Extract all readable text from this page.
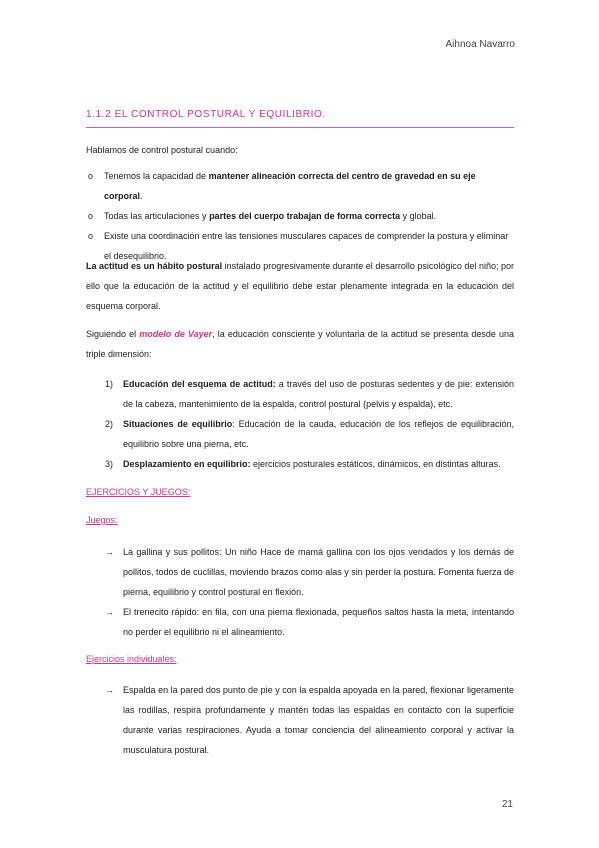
Aihnoa Navarro
1.1.2 EL CONTROL POSTURAL Y EQUILIBRIO.
Hablamos de control postural cuando:
o Tenemos la capacidad de mantener alineación correcta del centro de gravedad en su eje corporal.
o Todas las articulaciones y partes del cuerpo trabajan de forma correcta y global.
o Existe una coordinación entre las tensiones musculares capaces de comprender la postura y eliminar el desequilibrio.
La actitud es un hábito postural instalado progresivamente durante el desarrollo psicológico del niño; por ello que la educación de la actitud y el equilibrio debe estar plenamente integrada en la educación del esquema corporal.
Siguiendo el modelo de Vayer, la educación consciente y voluntaria de la actitud se presenta desde una triple dimensión:
1) Educación del esquema de actitud: a través del uso de posturas sedentes y de pie: extensión de la cabeza, mantenimiento de la espalda, control postural (pelvis y espalda), etc.
2) Situaciones de equilibrio: Educación de la cauda, educación de los reflejos de equilibración, equilibrio sobre una pierna, etc.
3) Desplazamiento en equilibrio: ejercicios posturales estáticos, dinámicos, en distintas alturas.
EJERCICIOS Y JUEGOS:
Juegos:
→ La gallina y sus pollitos: Un niño Hace de mamá gallina con los ojos vendados y los demás de pollitos, todos de cuclillas, moviendo brazos como alas y sin perder la postura. Fomenta fuerza de pierna, equilibrio y control postural en flexión.
→ El trenecito rápido: en fila, con una pierna flexionada, pequeños saltos hasta la meta, intentando no perder el equilibrio ni el alineamiento.
Ejercicios individuales:
→ Espalda en la pared dos punto de pie y con la espalda apoyada en la pared, flexionar ligeramente las rodillas, respira profundamente y mantén todas las espaldas en contacto con la superficie durante varias respiraciones. Ayuda a tomar conciencia del alineamiento corporal y activar la musculatura postural.
21
